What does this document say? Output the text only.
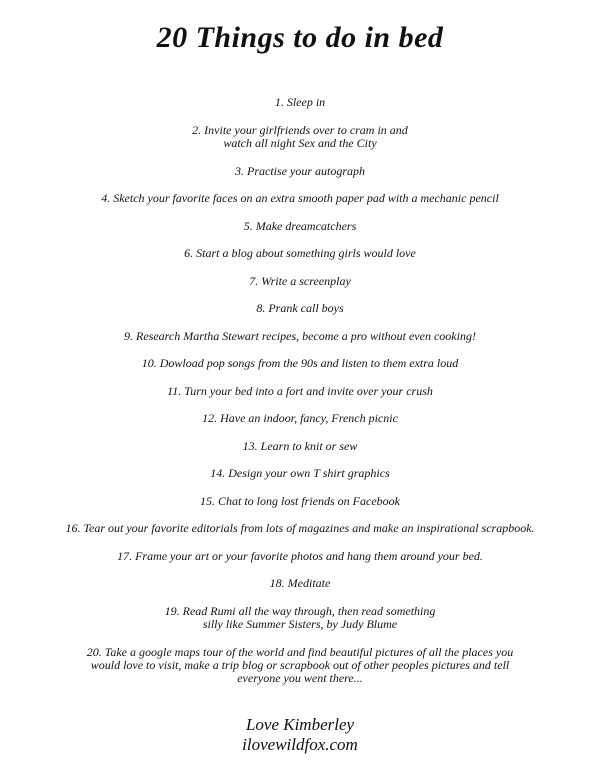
20 Things to do in bed
1. Sleep in
2. Invite your girlfriends over to cram in and
watch all night Sex and the City
3. Practise your autograph
4. Sketch your favorite faces on an extra smooth paper pad with a mechanic pencil
5. Make dreamcatchers
6. Start a blog about something girls would love
7. Write a screenplay
8. Prank call boys
9. Research Martha Stewart recipes, become a pro without even cooking!
10. Dowload pop songs from the 90s and listen to them extra loud
11. Turn your bed into a fort and invite over your crush
12. Have an indoor, fancy, French picnic
13. Learn to knit or sew
14. Design your own T shirt graphics
15. Chat to long lost friends on Facebook
16. Tear out your favorite editorials from lots of magazines and make an inspirational scrapbook.
17. Frame your art or your favorite photos and hang them around your bed.
18. Meditate
19. Read Rumi all the way through, then read something
silly like Summer Sisters, by Judy Blume
20. Take a google maps tour of the world and find beautiful pictures of all the places you
would love to visit, make a trip blog or scrapbook out of other peoples pictures and tell
everyone you went there...
Love Kimberley
ilovewildfox.com
